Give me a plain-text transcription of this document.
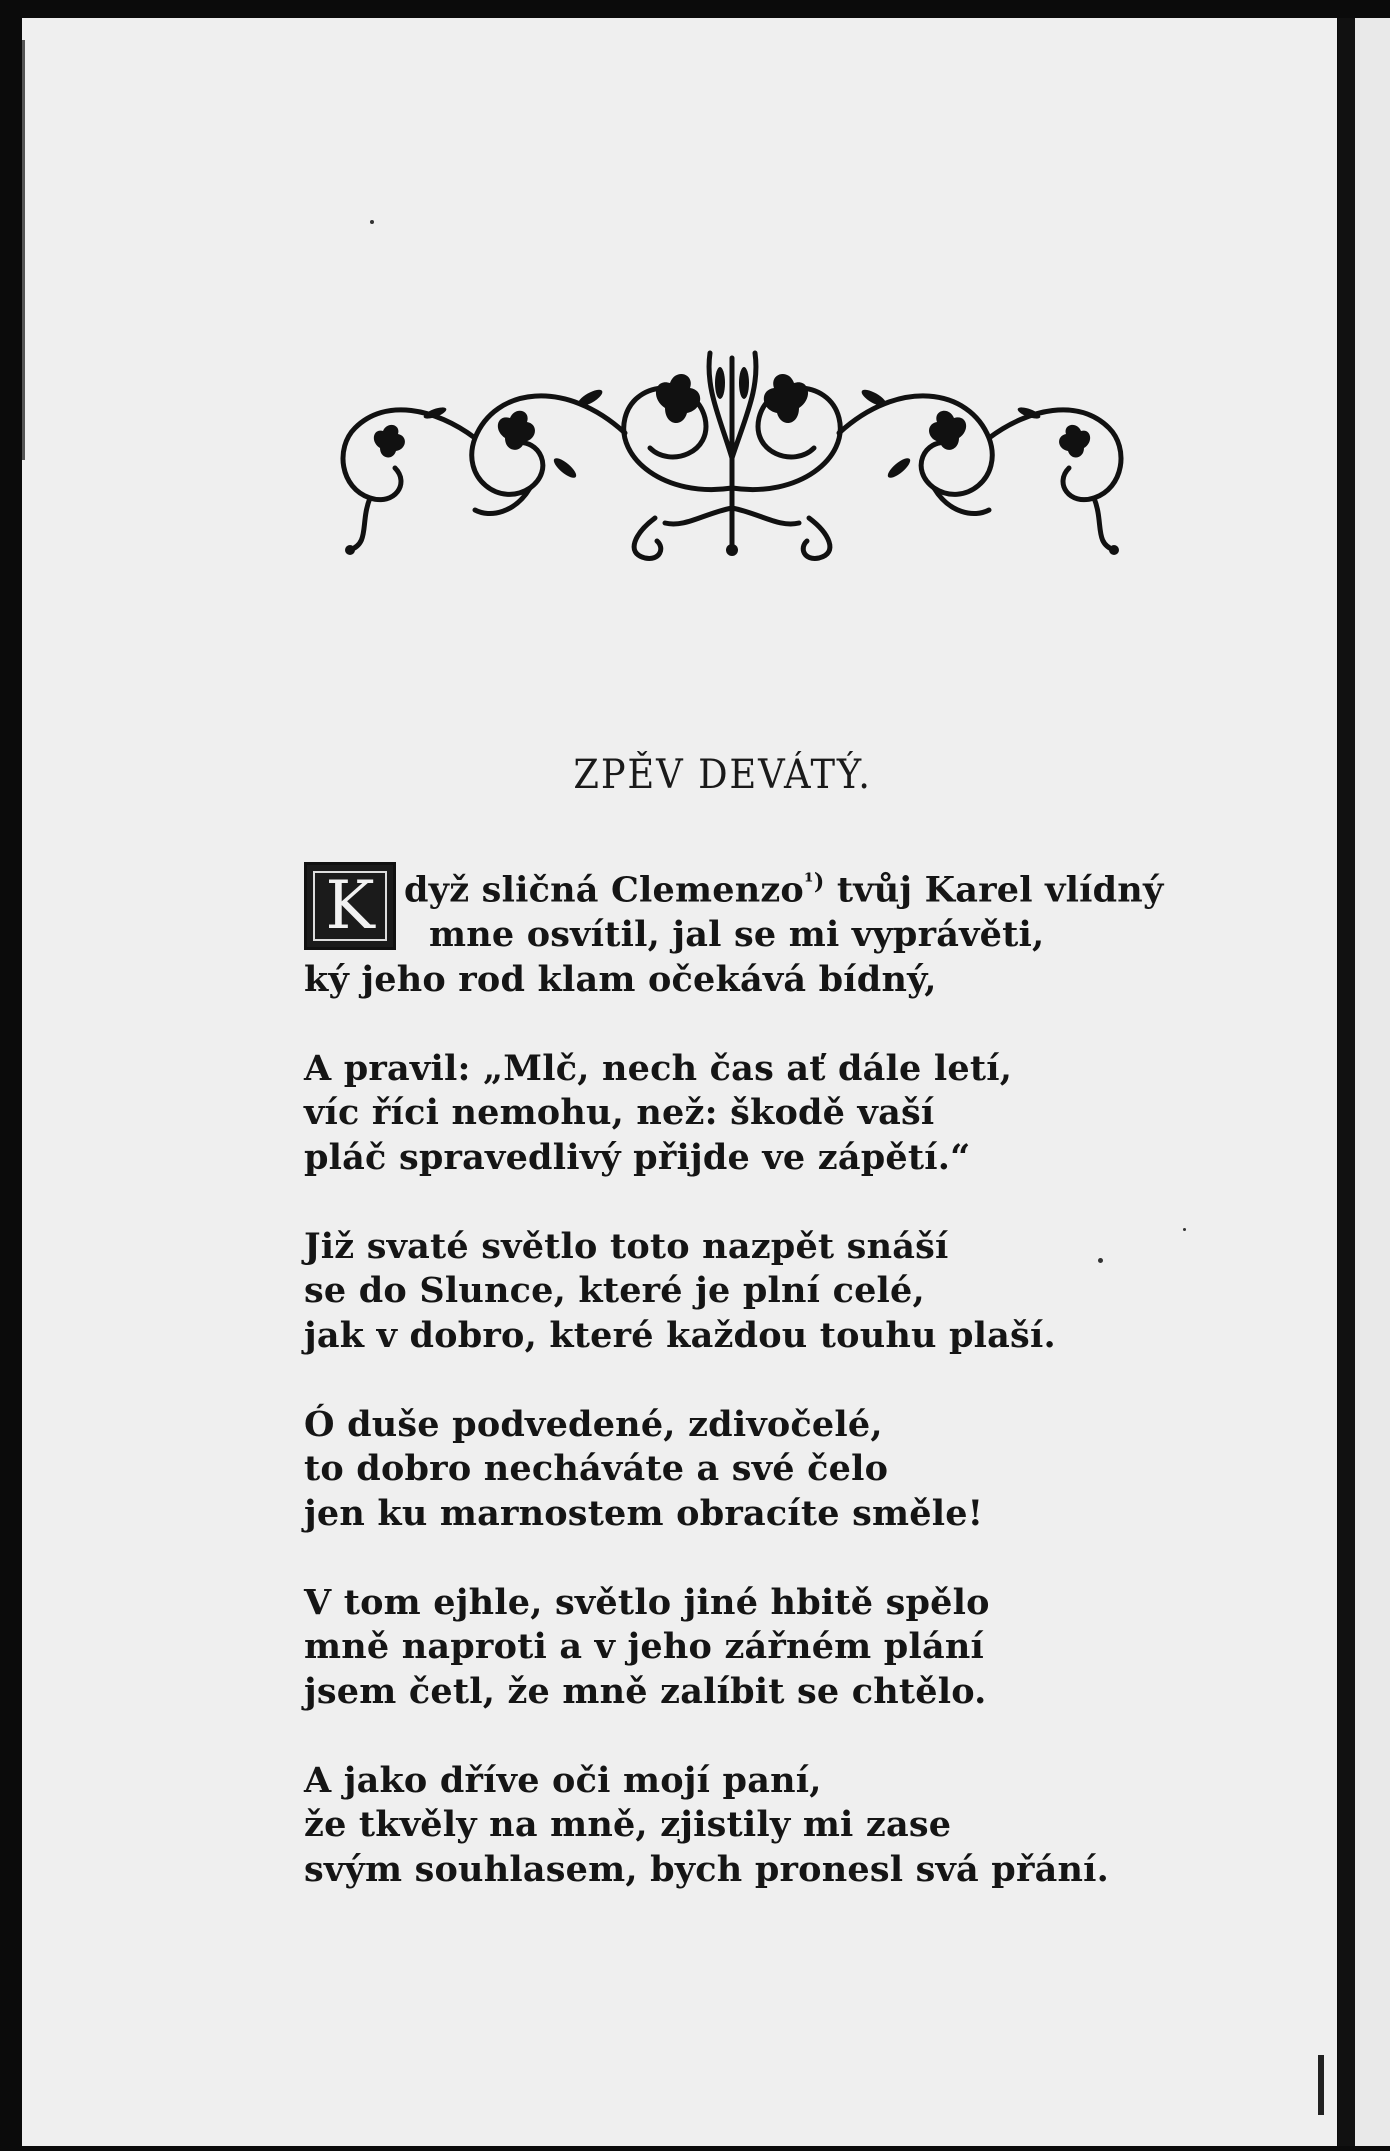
ZPĚV DEVÁTÝ.
K dyž sličná Clemenzo$^{^1)}$ tvůj Karel vlídný
mne osvítil, jal se mi vyprávěti,
ký jeho rod klam očekává bídný,
A pravil: „Mlč, nech čas ať dále letí,
víc říci nemohu, než: škodě vaší
pláč spravedlivý přijde ve zápětí.“
Již svaté světlo toto nazpět snáší
se do Slunce, které je plní celé,
jak v dobro, které každou touhu plaší.
Ó duše podvedené, zdivočelé,
to dobro necháváte a své čelo
jen ku marnostem obracíte směle!
V tom ejhle, světlo jiné hbitě spělo
mně naproti a v jeho zářném plání
jsem četl, že mně zalíbit se chtělo.
A jako dříve oči mojí paní,
že tkvěly na mně, zjistily mi zase
svým souhlasem, bych pronesl svá přání.
